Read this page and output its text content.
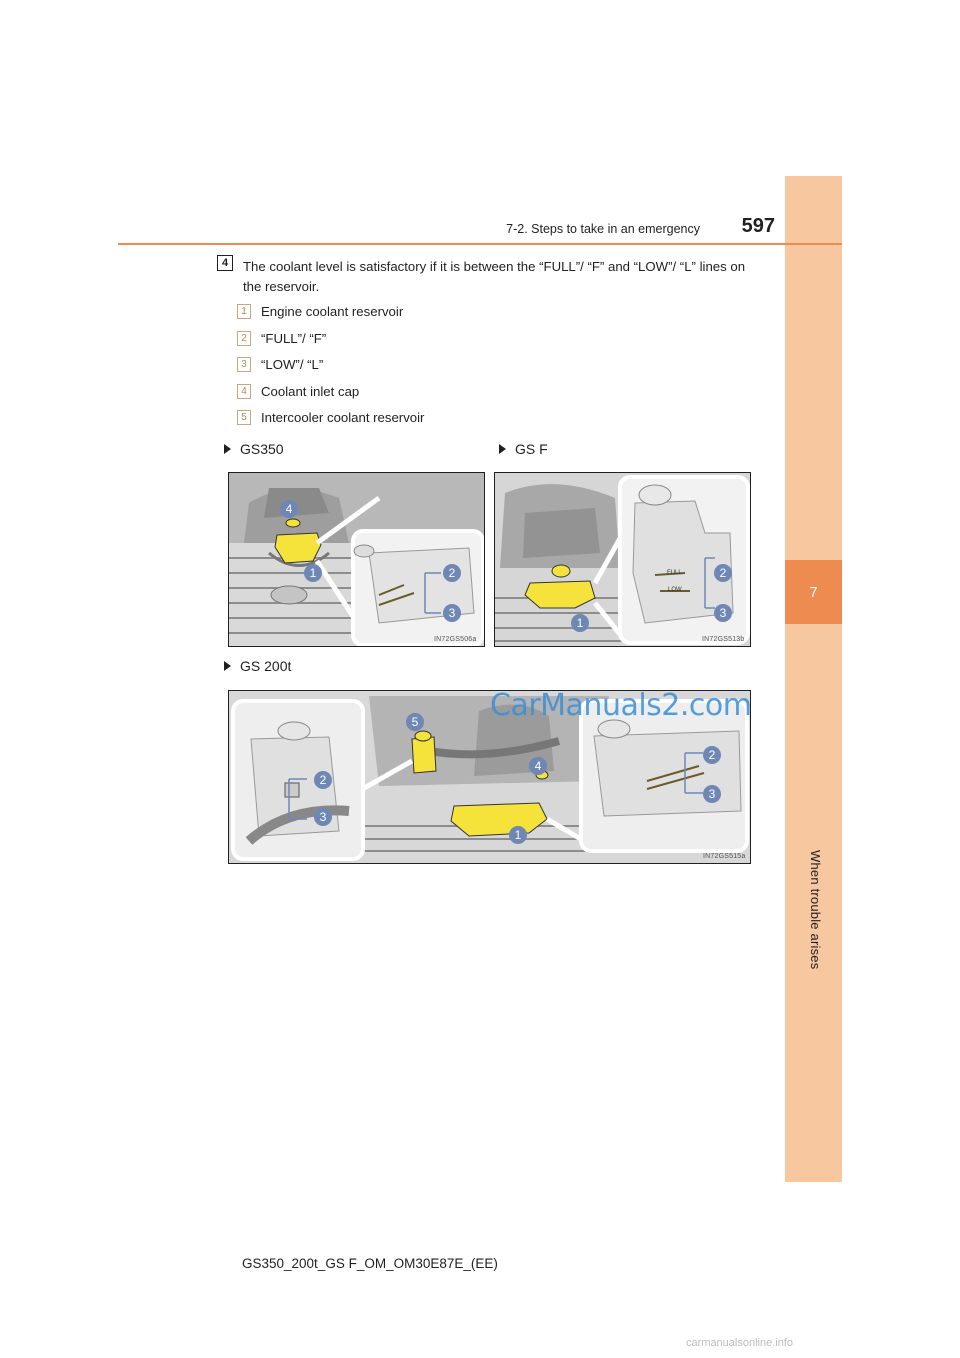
7
When trouble arises
7-2. Steps to take in an emergency	597
4	The coolant level is satisfactory if it is between the “FULL”/ “F” and “LOW”/ “L” lines on the reservoir.
1	Engine coolant reservoir
2	“FULL”/ “F”
3	“LOW”/ “L”
4	Coolant inlet cap
5	Intercooler coolant reservoir
GS350	GS F
GS 200t
4
1	2
3
IN72GS506a
FULL
LOW
2
3
1
IN72GS513b
2
3
5
4
1
2
3
IN72GS515a
CarManuals2.com
GS350_200t_GS F_OM_OM30E87E_(EE)
carmanualsonline.info
